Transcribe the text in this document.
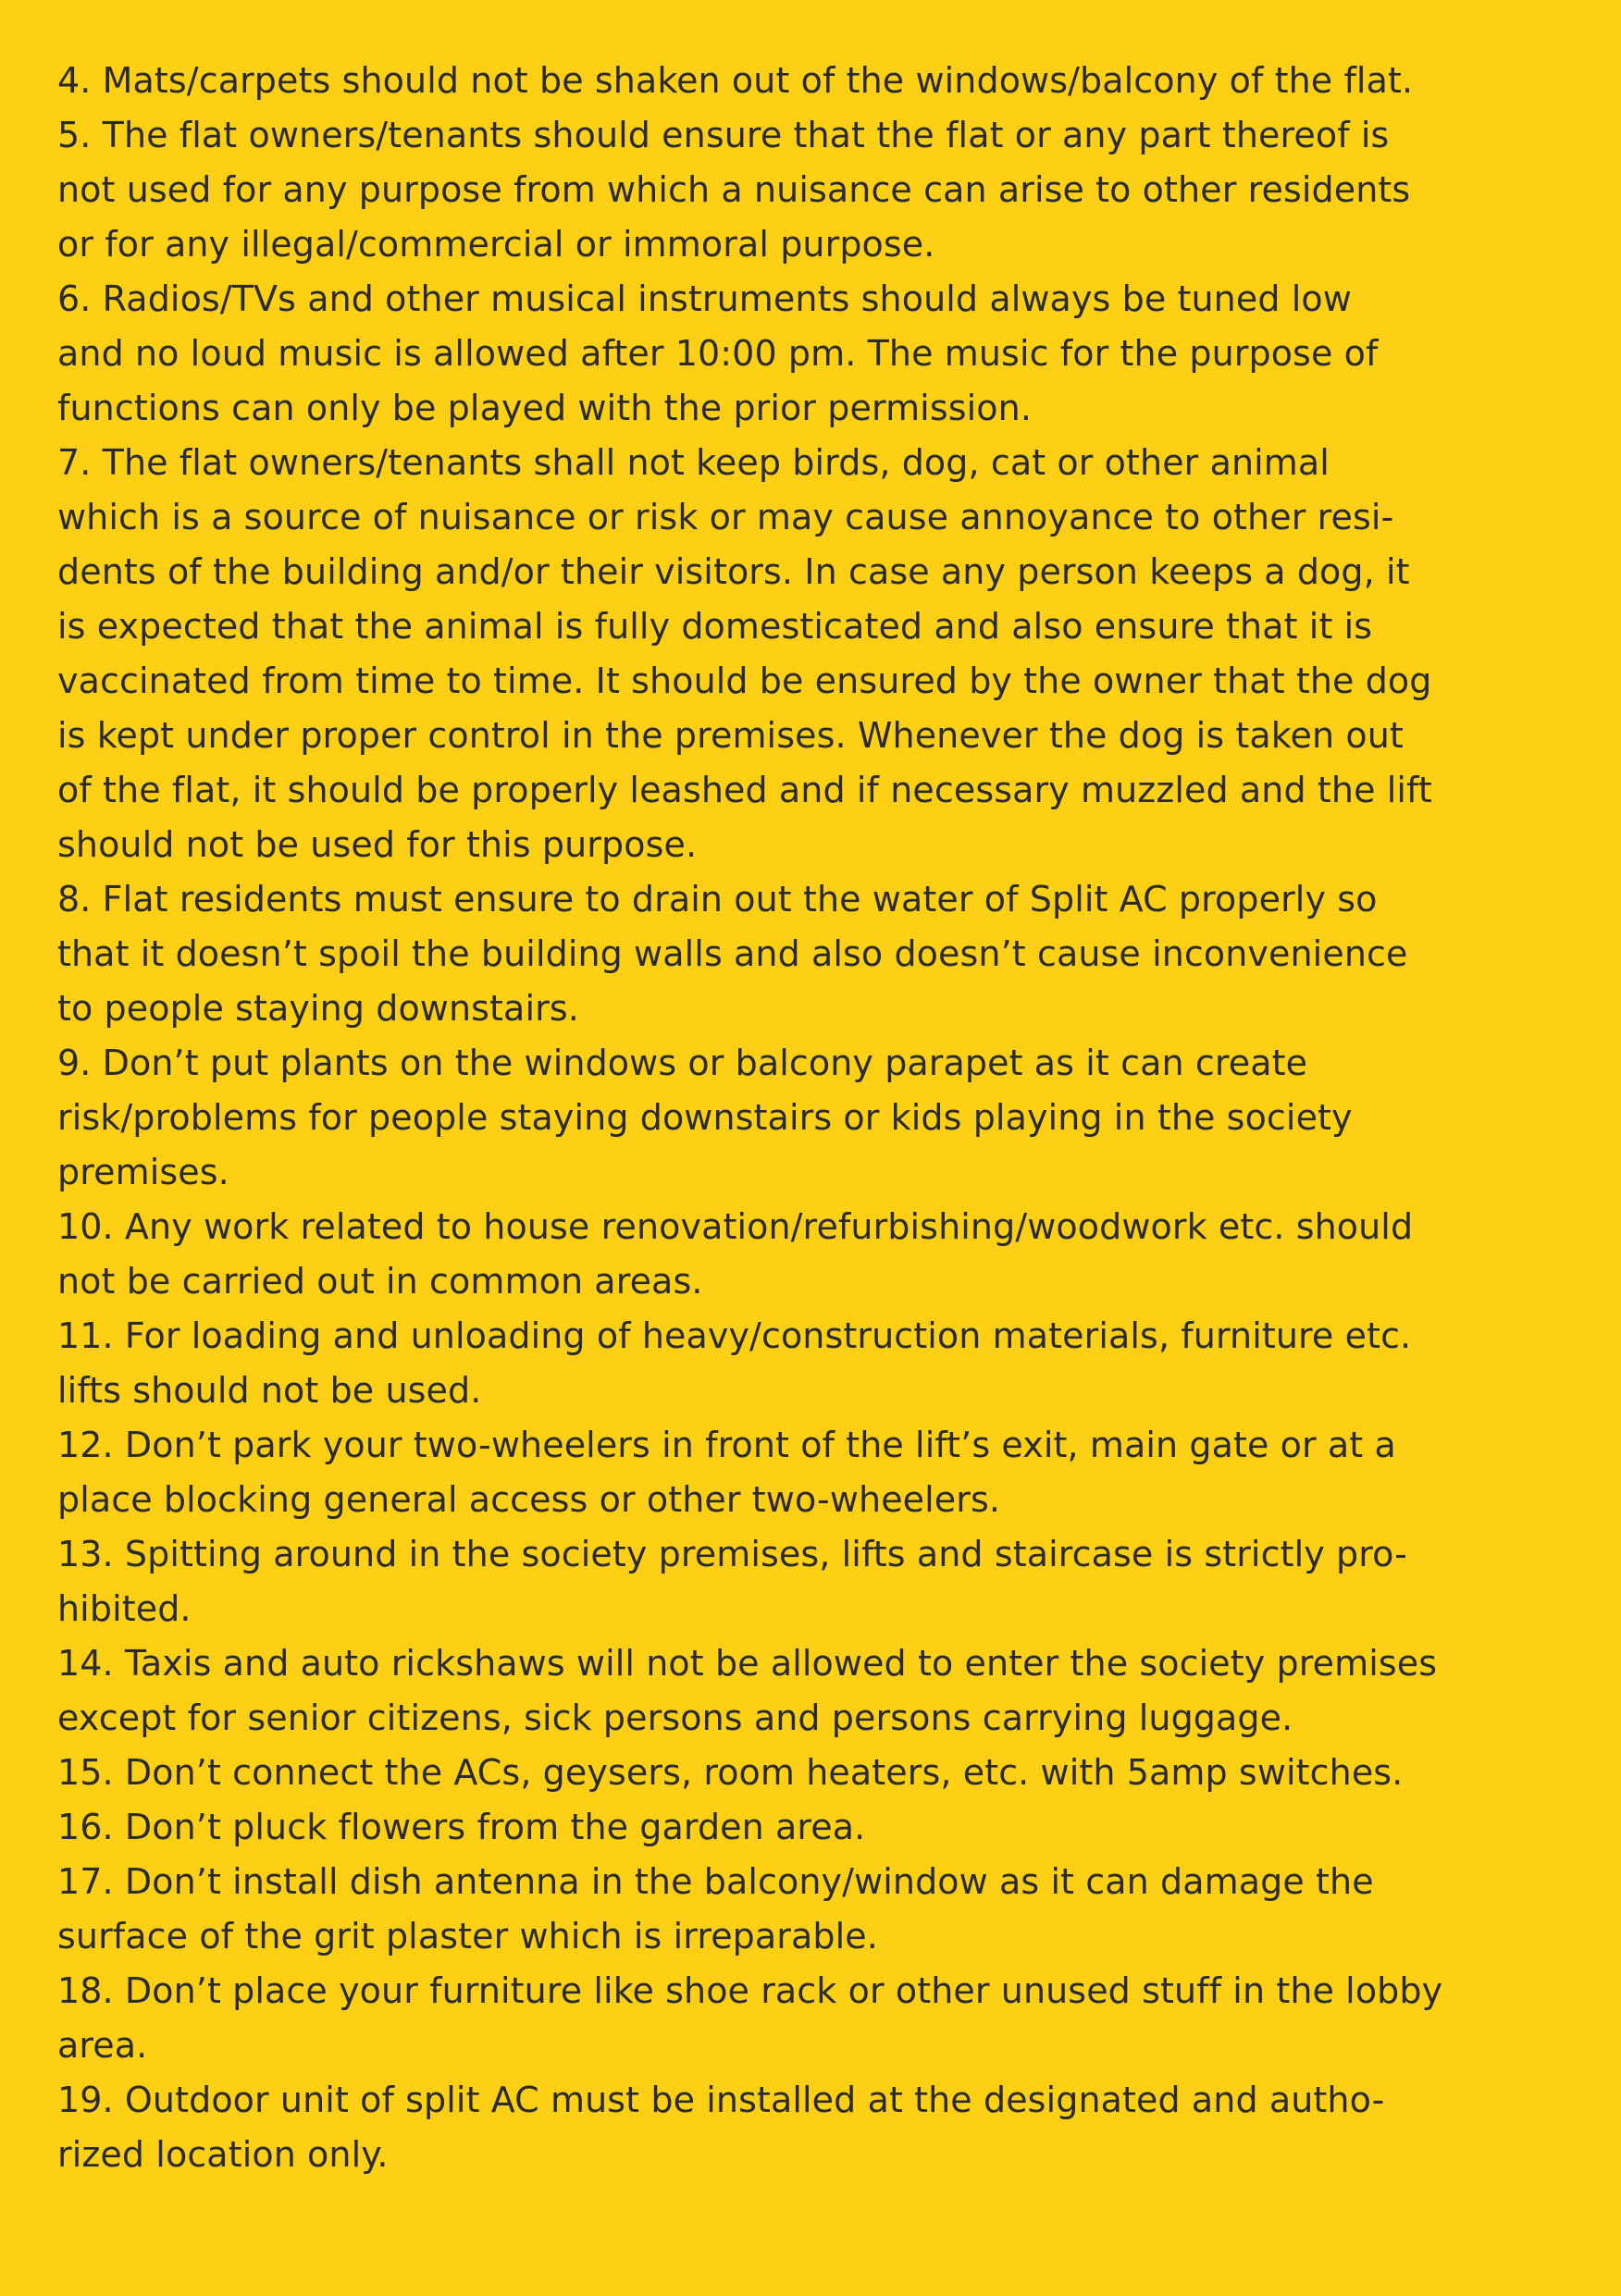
4. Mats/carpets should not be shaken out of the windows/balcony of the flat.
5. The flat owners/tenants should ensure that the flat or any part thereof is
not used for any purpose from which a nuisance can arise to other residents
or for any illegal/commercial or immoral purpose.
6. Radios/TVs and other musical instruments should always be tuned low
and no loud music is allowed after 10:00 pm. The music for the purpose of
functions can only be played with the prior permission.
7. The flat owners/tenants shall not keep birds, dog, cat or other animal
which is a source of nuisance or risk or may cause annoyance to other resi-
dents of the building and/or their visitors. In case any person keeps a dog, it
is expected that the animal is fully domesticated and also ensure that it is
vaccinated from time to time. It should be ensured by the owner that the dog
is kept under proper control in the premises. Whenever the dog is taken out
of the flat, it should be properly leashed and if necessary muzzled and the lift
should not be used for this purpose.
8. Flat residents must ensure to drain out the water of Split AC properly so
that it doesn’t spoil the building walls and also doesn’t cause inconvenience
to people staying downstairs.
9. Don’t put plants on the windows or balcony parapet as it can create
risk/problems for people staying downstairs or kids playing in the society
premises.
10. Any work related to house renovation/refurbishing/woodwork etc. should
not be carried out in common areas.
11. For loading and unloading of heavy/construction materials, furniture etc.
lifts should not be used.
12. Don’t park your two-wheelers in front of the lift’s exit, main gate or at a
place blocking general access or other two-wheelers.
13. Spitting around in the society premises, lifts and staircase is strictly pro-
hibited.
14. Taxis and auto rickshaws will not be allowed to enter the society premises
except for senior citizens, sick persons and persons carrying luggage.
15. Don’t connect the ACs, geysers, room heaters, etc. with 5amp switches.
16. Don’t pluck flowers from the garden area.
17. Don’t install dish antenna in the balcony/window as it can damage the
surface of the grit plaster which is irreparable.
18. Don’t place your furniture like shoe rack or other unused stuff in the lobby
area.
19. Outdoor unit of split AC must be installed at the designated and autho-
rized location only.
